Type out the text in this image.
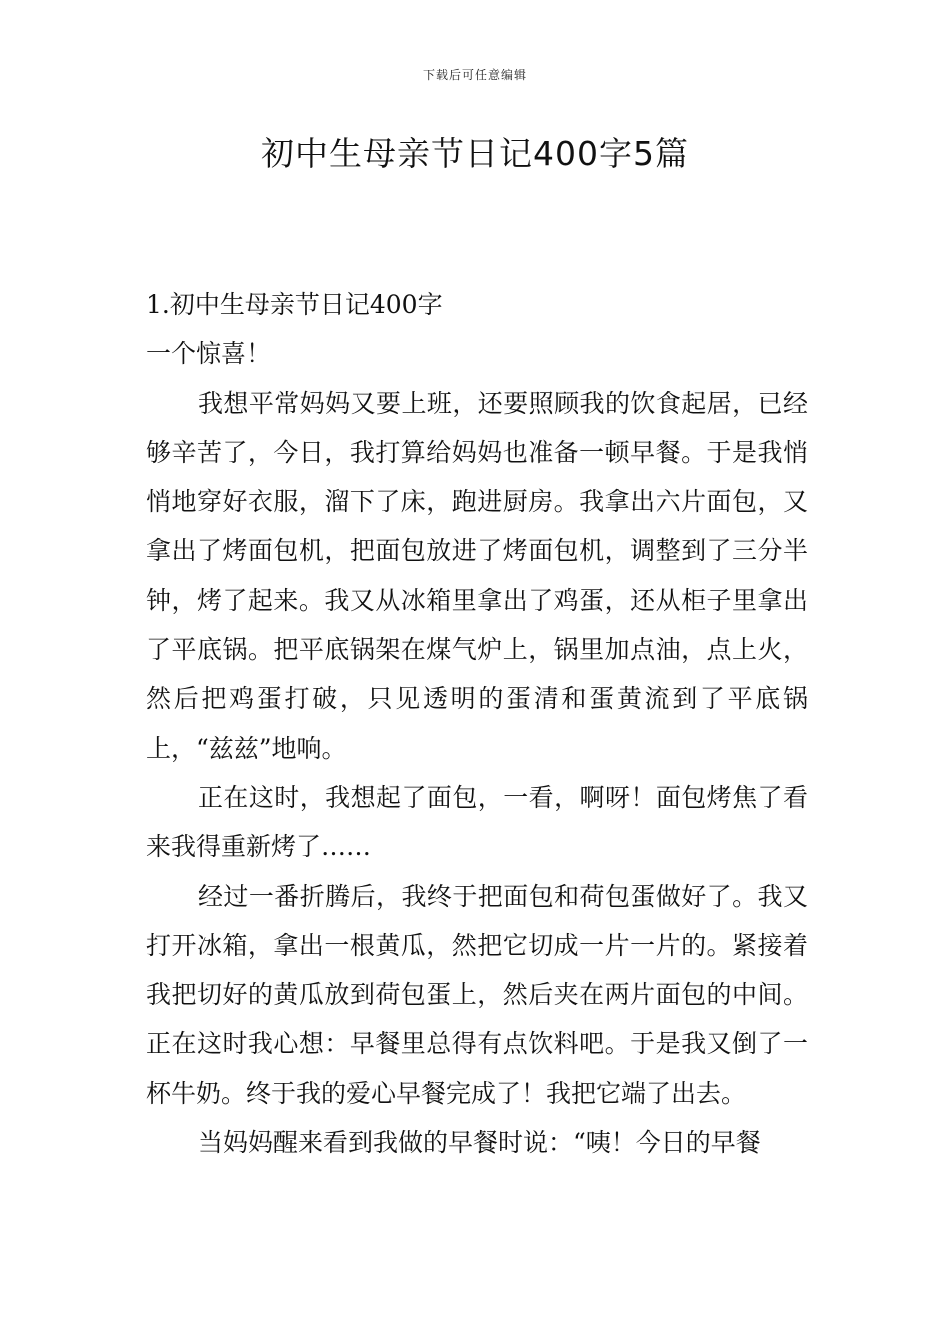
下载后可任意编辑
初中生母亲节日记400字5篇

1.初中生母亲节日记400字

一个惊喜！

我想平常妈妈又要上班，还要照顾我的饮食起居，已经够辛苦了，今日，我打算给妈妈也准备一顿早餐。于是我悄悄地穿好衣服，溜下了床，跑进厨房。我拿出六片面包，又拿出了烤面包机，把面包放进了烤面包机，调整到了三分半钟，烤了起来。我又从冰箱里拿出了鸡蛋，还从柜子里拿出了平底锅。把平底锅架在煤气炉上，锅里加点油，点上火，然后把鸡蛋打破，只见透明的蛋清和蛋黄流到了平底锅上，“兹兹”地响。

正在这时，我想起了面包，一看，啊呀！面包烤焦了看来我得重新烤了……

经过一番折腾后，我终于把面包和荷包蛋做好了。我又打开冰箱，拿出一根黄瓜，然把它切成一片一片的。紧接着我把切好的黄瓜放到荷包蛋上，然后夹在两片面包的中间。正在这时我心想：早餐里总得有点饮料吧。于是我又倒了一杯牛奶。终于我的爱心早餐完成了！我把它端了出去。

当妈妈醒来看到我做的早餐时说：“咦！今日的早餐
